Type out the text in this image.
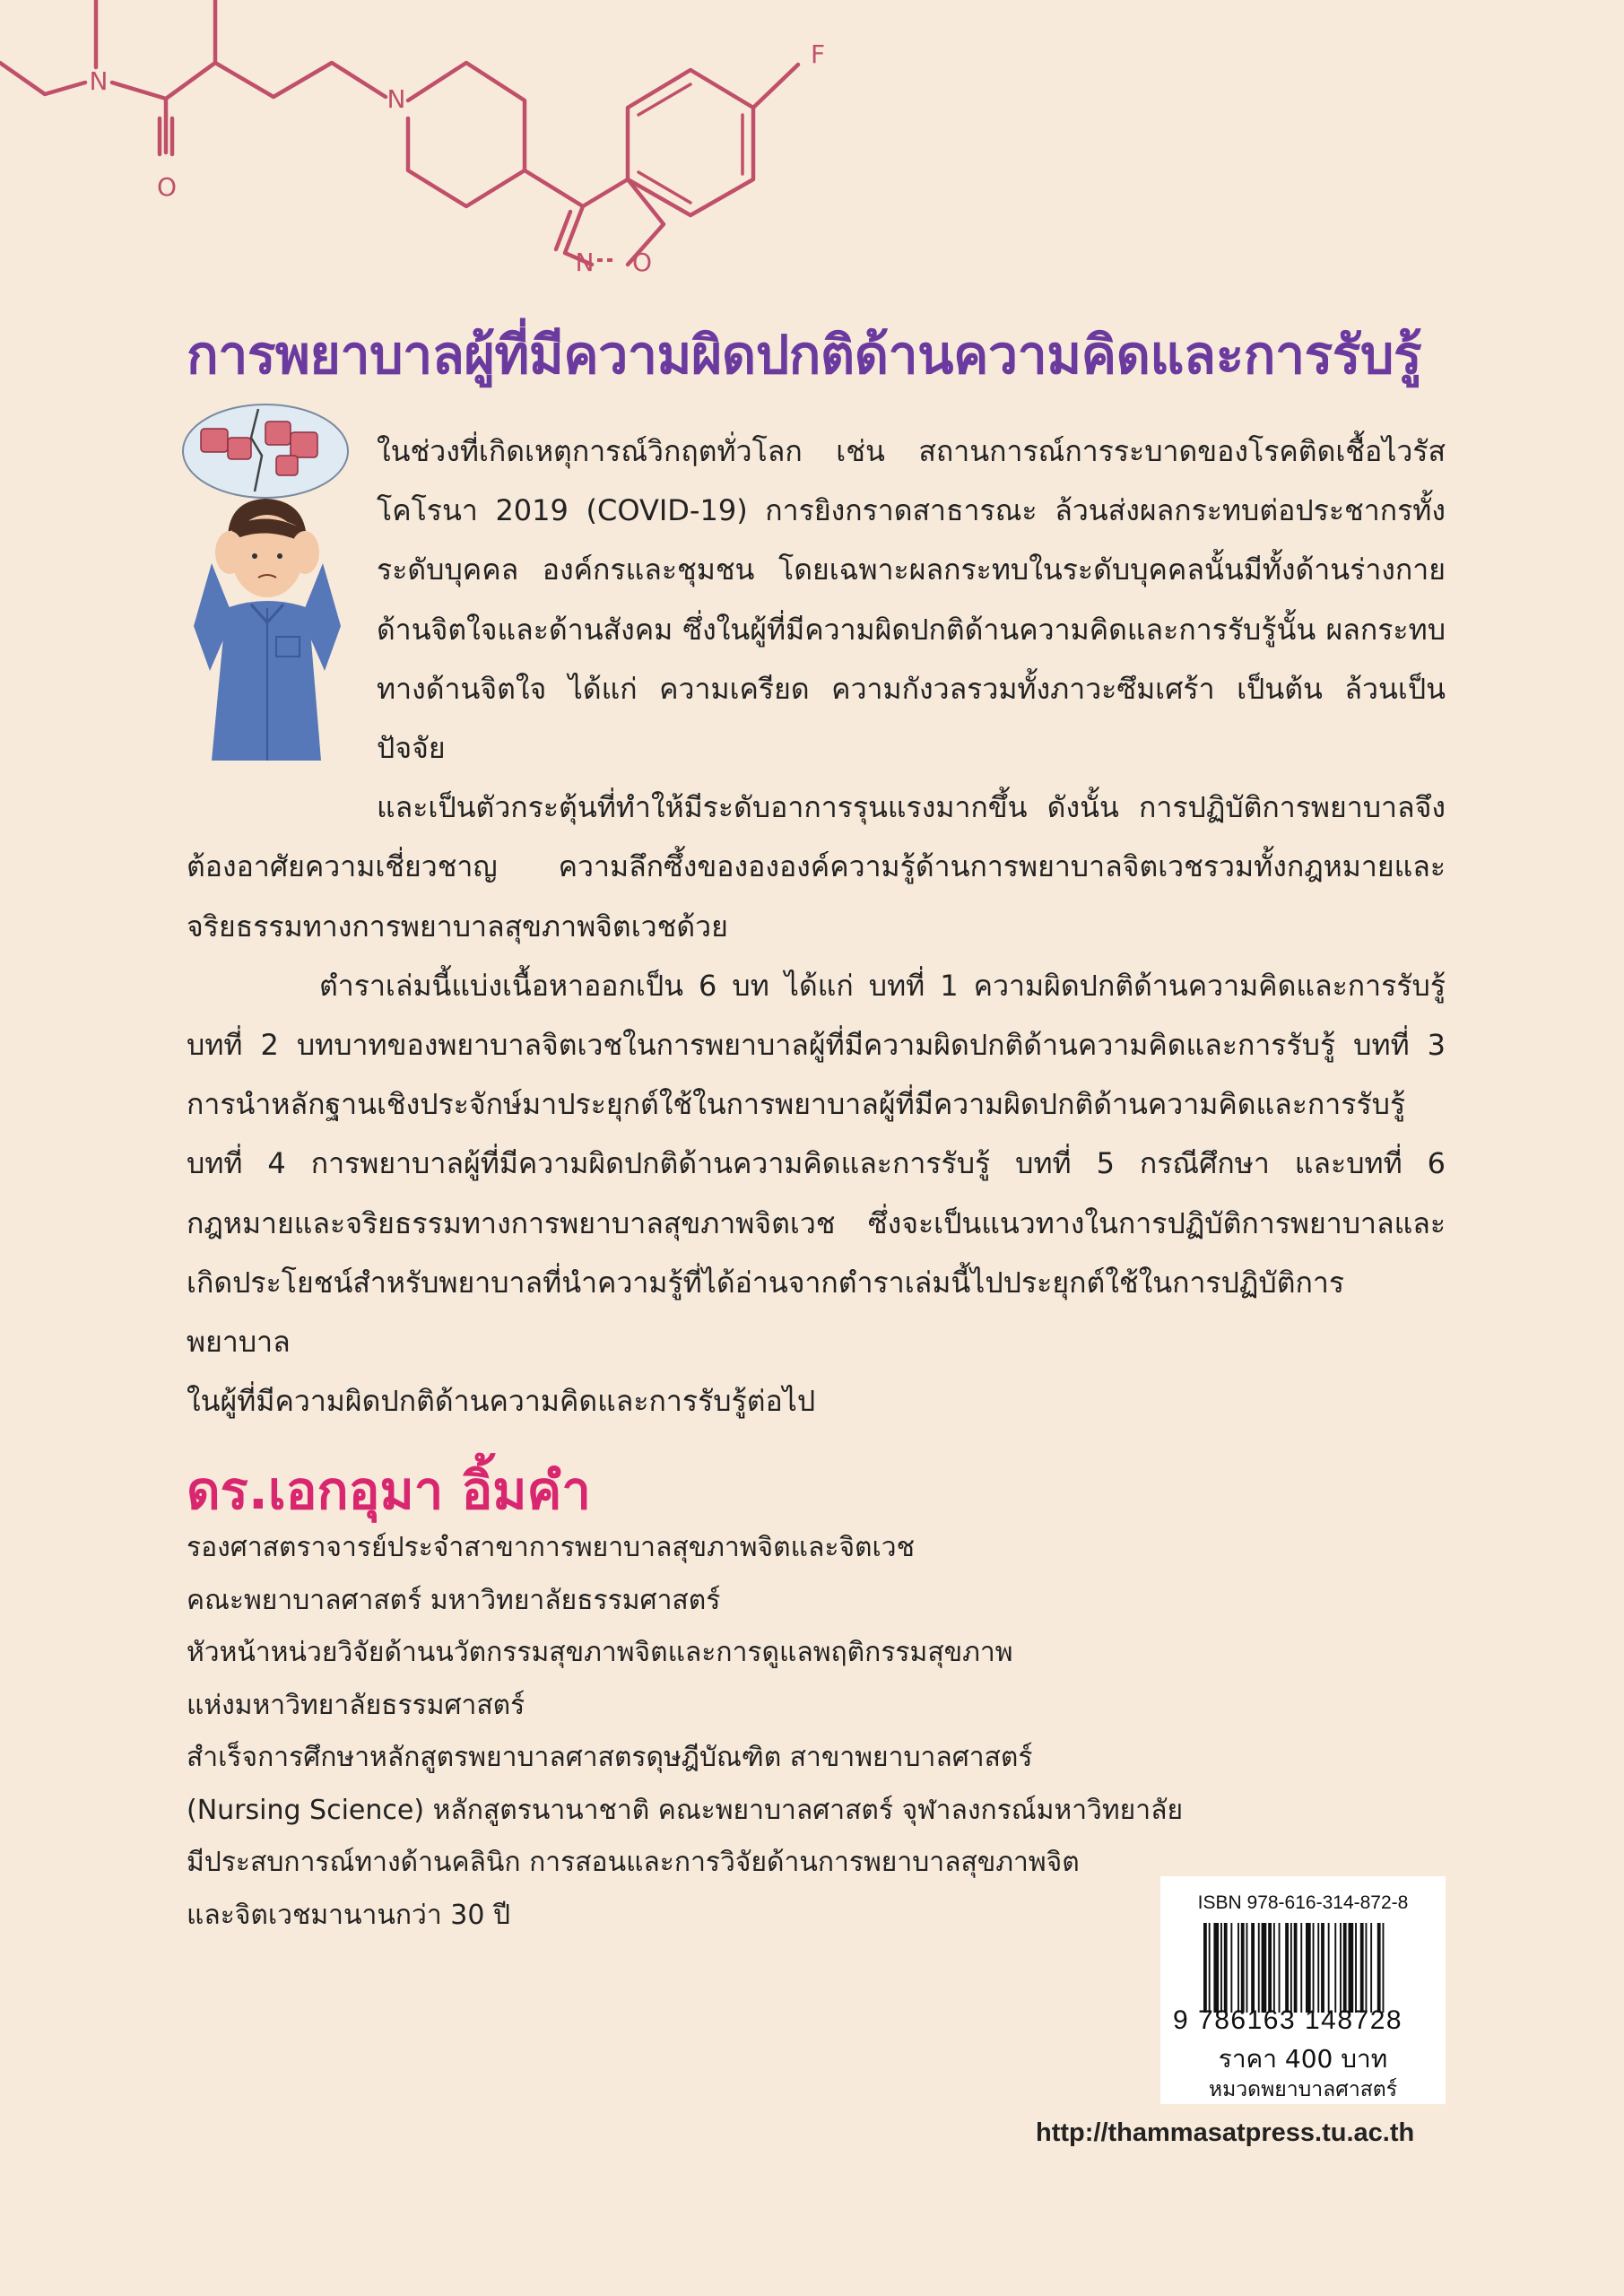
N
O
N
N O
F
การพยาบาลผู้ที่มีความผิดปกติด้านความคิดและการรับรู้

ในช่วงที่เกิดเหตุการณ์วิกฤตทั่วโลก เช่น สถานการณ์การระบาดของโรคติดเชื้อไวรัส

โคโรนา 2019 (COVID-19) การยิงกราดสาธารณะ ล้วนส่งผลกระทบต่อประชากรทั้ง

ระดับบุคคล องค์กรและชุมชน โดยเฉพาะผลกระทบในระดับบุคคลนั้นมีทั้งด้านร่างกาย

ด้านจิตใจและด้านสังคม ซึ่งในผู้ที่มีความผิดปกติด้านความคิดและการรับรู้นั้น ผลกระทบ

ทางด้านจิตใจ ได้แก่ ความเครียด ความกังวลรวมทั้งภาวะซึมเศร้า เป็นต้น ล้วนเป็นปัจจัย

และเป็นตัวกระตุ้นที่ทำให้มีระดับอาการรุนแรงมากขึ้น ดังนั้น การปฏิบัติการพยาบาลจึง

ต้องอาศัยความเชี่ยวชาญ ความลึกซึ้งของององค์ความรู้ด้านการพยาบาลจิตเวชรวมทั้งกฎหมายและ

จริยธรรมทางการพยาบาลสุขภาพจิตเวชด้วย

ตำราเล่มนี้แบ่งเนื้อหาออกเป็น 6 บท ได้แก่ บทที่ 1 ความผิดปกติด้านความคิดและการรับรู้

บทที่ 2 บทบาทของพยาบาลจิตเวชในการพยาบาลผู้ที่มีความผิดปกติด้านความคิดและการรับรู้ บทที่ 3

การนำหลักฐานเชิงประจักษ์มาประยุกต์ใช้ในการพยาบาลผู้ที่มีความผิดปกติด้านความคิดและการรับรู้

บทที่ 4 การพยาบาลผู้ที่มีความผิดปกติด้านความคิดและการรับรู้ บทที่ 5 กรณีศึกษา และบทที่ 6

กฎหมายและจริยธรรมทางการพยาบาลสุขภาพจิตเวช ซึ่งจะเป็นแนวทางในการปฏิบัติการพยาบาลและ

เกิดประโยชน์สำหรับพยาบาลที่นำความรู้ที่ได้อ่านจากตำราเล่มนี้ไปประยุกต์ใช้ในการปฏิบัติการพยาบาล

ในผู้ที่มีความผิดปกติด้านความคิดและการรับรู้ต่อไป

ดร.เอกอุมา อิ้มคำ
รองศาสตราจารย์ประจำสาขาการพยาบาลสุขภาพจิตและจิตเวช
คณะพยาบาลศาสตร์ มหาวิทยาลัยธรรมศาสตร์
หัวหน้าหน่วยวิจัยด้านนวัตกรรมสุขภาพจิตและการดูแลพฤติกรรมสุขภาพ
แห่งมหาวิทยาลัยธรรมศาสตร์
สำเร็จการศึกษาหลักสูตรพยาบาลศาสตรดุษฎีบัณฑิต สาขาพยาบาลศาสตร์
(Nursing Science) หลักสูตรนานาชาติ คณะพยาบาลศาสตร์ จุฬาลงกรณ์มหาวิทยาลัย
มีประสบการณ์ทางด้านคลินิก การสอนและการวิจัยด้านการพยาบาลสุขภาพจิต
และจิตเวชมานานกว่า 30 ปี	ISBN 978-616-314-872-8
9 786163 148728
ราคา 400 บาท
หมวดพยาบาลศาสตร์
http://thammasatpress.tu.ac.th
